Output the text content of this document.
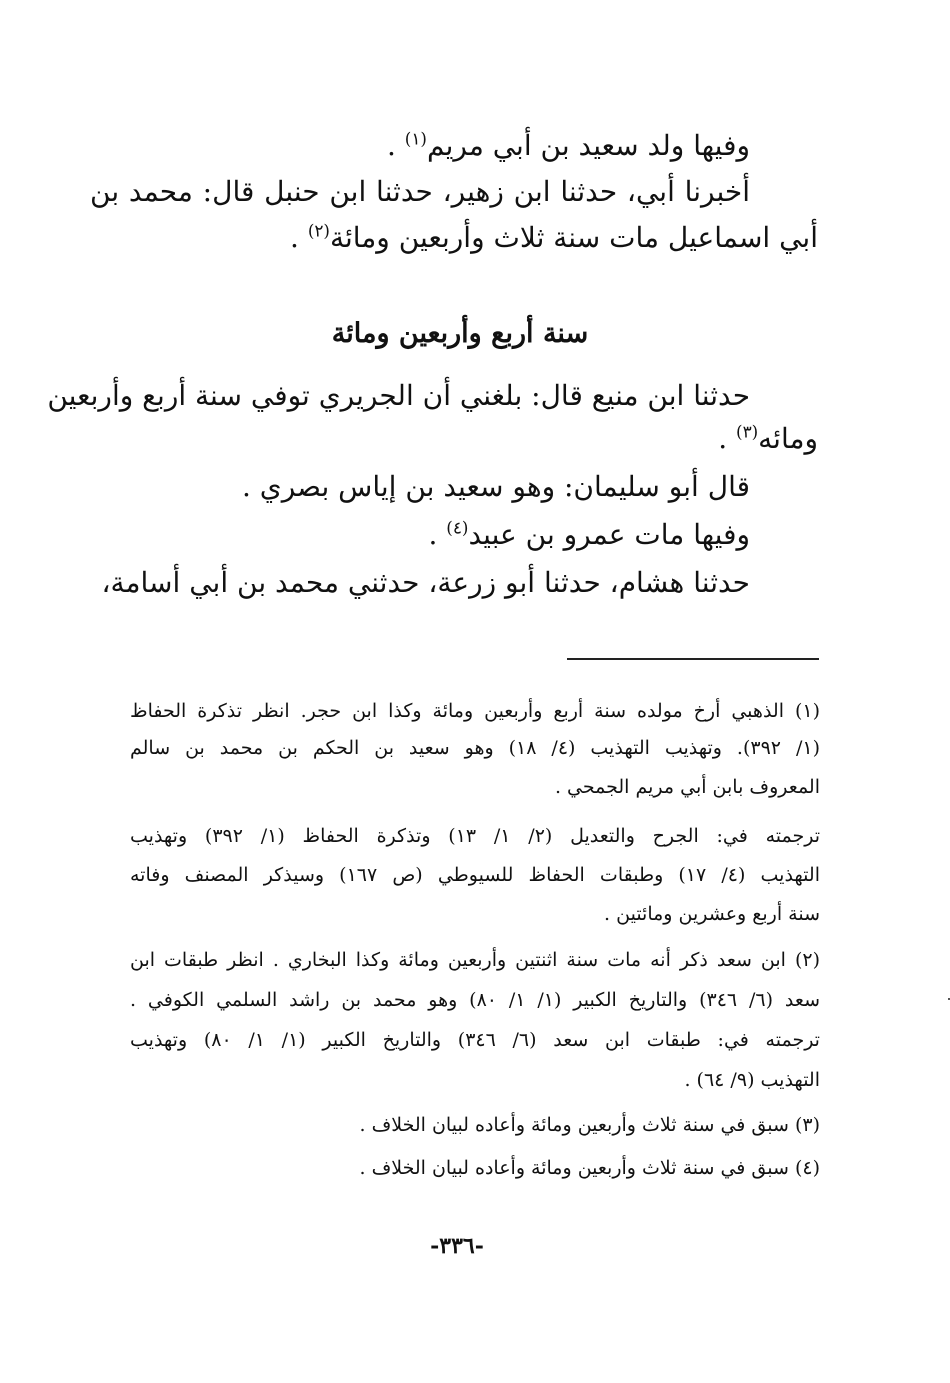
وفيها ولد سعيد بن أبي مريم$^{(١)}$ .
أخبرنا أبي، حدثنا ابن زهير، حدثنا ابن حنبل قال: محمد بن
أبي اسماعيل مات سنة ثلاث وأربعين ومائة$^{(٢)}$ .
سنة أربع وأربعين ومائة
حدثنا ابن منيع قال: بلغني أن الجريري توفي سنة أربع وأربعين
ومائه$^{(٣)}$ .
قال أبو سليمان: وهو سعيد بن إياس بصري .
وفيها مات عمرو بن عبيد$^{(٤)}$ .
حدثنا هشام، حدثنا أبو زرعة، حدثني محمد بن أبي أسامة،
(١) الذهبي أرخ مولده سنة أربع وأربعين ومائة وكذا ابن حجر. انظر تذكرة الحفاظ
(١/ ٣٩٢). وتهذيب التهذيب (٤/ ١٨) وهو سعيد بن الحكم بن محمد بن سالم
المعروف بابن أبي مريم الجمحي .
ترجمته في: الجرح والتعديل (٢/ ١/ ١٣) وتذكرة الحفاظ (١/ ٣٩٢) وتهذيب
التهذيب (٤/ ١٧) وطبقات الحفاظ للسيوطي (ص ١٦٧) وسيذكر المصنف وفاته
سنة أربع وعشرين ومائتين .
(٢) ابن سعد ذكر أنه مات سنة اثنتين وأربعين ومائة وكذا البخاري . انظر طبقات ابن
سعد (٦/ ٣٤٦) والتاريخ الكبير (١/ ١/ ٨٠) وهو محمد بن راشد السلمي الكوفي .
ترجمته في: طبقات ابن سعد (٦/ ٣٤٦) والتاريخ الكبير (١/ ١/ ٨٠) وتهذيب
التهذيب (٩/ ٦٤) .
(٣) سبق في سنة ثلاث وأربعين ومائة وأعاده لبيان الخلاف .
(٤) سبق في سنة ثلاث وأربعين ومائة وأعاده لبيان الخلاف .
-٣٣٦-
